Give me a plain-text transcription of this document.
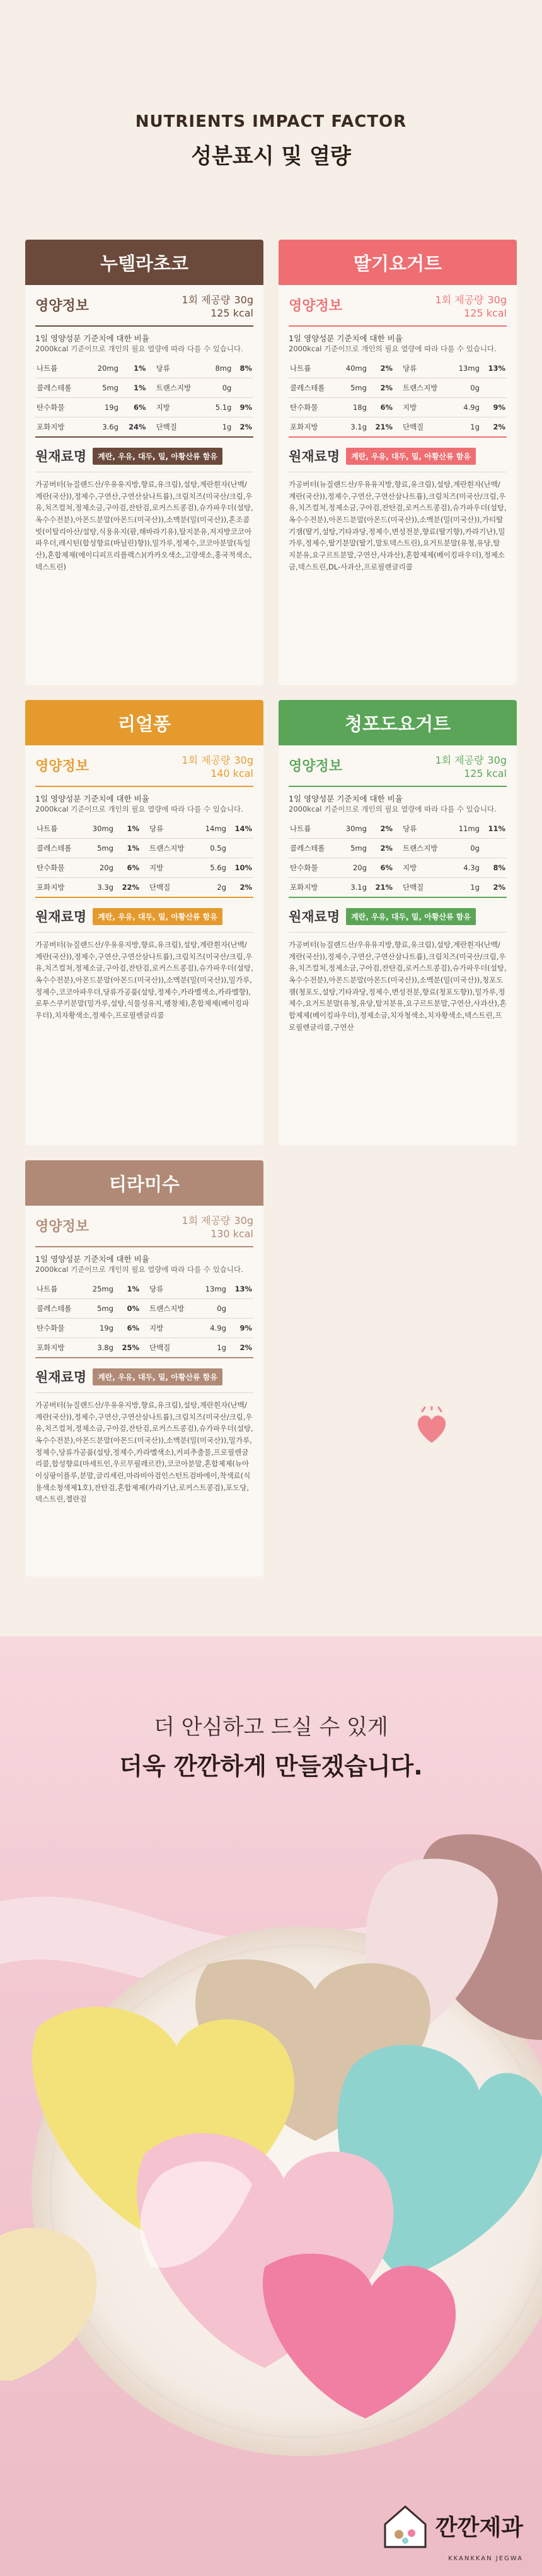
NUTRIENTS IMPACT FACTOR
성분표시 및 열량
누텔라초코
영양정보	1회 제공량 30g
125 kcal
1일 영양성분 기준치에 대한 비율
2000kcal 기준이므로 개인의 필요 열량에 따라 다를 수 있습니다.
나트륨	20mg	1%		당류	8mg	8%
콜레스테롤	5mg	1%		트랜스지방	0g	
탄수화물	19g	6%		지방	5.1g	9%
포화지방	3.6g	24%		단백질	1g	2%
원재료명	계란, 우유, 대두, 밀, 아황산류 함유
가공버터(뉴질랜드산/우유유지방,향료,유크림),설탕,계란흰자(난백/계란(국산)),정제수,구연산,구연산삼나트륨),크림치즈(미국산/크림,우유,치즈컬쳐,정제소금,구아검,잔탄검,로커스트콩검),슈가파우더(설탕,옥수수전분),아몬드분말(아몬드(미국산)),소맥분(밀(미국산)),혼조콤빗(이탈리아산/설탕,식용유지(팜,해바라기유),탈지분유,저지방코코아파우더,레시틴(합성향료(바닐린)향)),밀가루,정제수,코코아분말(독일산),혼합제제(에이디피프리플렉스)(카카오색소,고량색소,홍국적색소,덱스트린)
딸기요거트
영양정보	1회 제공량 30g
125 kcal
1일 영양성분 기준치에 대한 비율
2000kcal 기준이므로 개인의 필요 열량에 따라 다를 수 있습니다.
나트륨	40mg	2%		당류	13mg	13%
콜레스테롤	5mg	2%		트랜스지방	0g	
탄수화물	18g	6%		지방	4.9g	9%
포화지방	3.1g	21%		단백질	1g	2%
원재료명	계란, 우유, 대두, 밀, 아황산류 함유
가공버터(뉴질랜드산/우유유지방,향료,유크림),설탕,계란흰자(난백/계란(국산)),정제수,구연산,구연산삼나트륨),크림치즈(미국산/크림,우유,치즈컬쳐,정제소금,구아검,잔탄검,로커스트콩검),슈가파우더(설탕,옥수수전분),아몬드분말(아몬드(미국산)),소맥분(밀(미국산)),가티딸기잼(딸기,설탕,기타과당,정제수,변성전분,향료(딸기향),카라기난),밀가루,정제수,딸기분말(딸기,말토덱스트린),요거트분말(유청,유당,탈지분유,요구르트분말,구연산,사과산),혼합제제(베이킹파우더),정제소금,덱스트린,DL-사과산,프로필렌글리콜
리얼퐁
영양정보	1회 제공량 30g
140 kcal
1일 영양성분 기준치에 대한 비율
2000kcal 기준이므로 개인의 필요 열량에 따라 다를 수 있습니다.
나트륨	30mg	1%		당류	14mg	14%
콜레스테롤	5mg	1%		트랜스지방	0.5g	
탄수화물	20g	6%		지방	5.6g	10%
포화지방	3.3g	22%		단백질	2g	2%
원재료명	계란, 우유, 대두, 밀, 아황산류 함유
가공버터(뉴질랜드산/우유유지방,향료,유크림),설탕,계란흰자(난백/계란(국산)),정제수,구연산,구연산삼나트륨),크림치즈(미국산/크림,우유,치즈컬쳐,정제소금,구아검,잔탄검,로커스트콩검),슈가파우더(설탕,옥수수전분),아몬드분말(아몬드(미국산)),소맥분(밀(미국산)),밀가루,정제수,코코아파우더,당류가공품(설탕,정제수,카라멜색소,카라멜향),로투스쿠키분말(밀가루,설탕,식물성유지,팽창제),혼합제제(베이킹파우더),치자황색소,정제수,프로필렌글리콜
청포도요거트
영양정보	1회 제공량 30g
125 kcal
1일 영양성분 기준치에 대한 비율
2000kcal 기준이므로 개인의 필요 열량에 따라 다를 수 있습니다.
나트륨	30mg	2%		당류	11mg	11%
콜레스테롤	5mg	2%		트랜스지방	0g	
탄수화물	20g	6%		지방	4.3g	8%
포화지방	3.1g	21%		단백질	1g	2%
원재료명	계란, 우유, 대두, 밀, 아황산류 함유
가공버터(뉴질랜드산/우유유지방,향료,유크림),설탕,계란흰자(난백/계란(국산)),정제수,구연산,구연산삼나트륨),크림치즈(미국산/크림,우유,치즈컬쳐,정제소금,구아검,잔탄검,로커스트콩검),슈가파우더(설탕,옥수수전분),아몬드분말(아몬드(미국산)),소맥분(밀(미국산)),청포도잼(청포도,설탕,기타과당,정제수,변성전분,향료(청포도향)),밀가루,정제수,요거트분말(유청,유당,탈지분유,요구르트분말,구연산,사과산),혼합제제(베이킹파우더),정제소금,치자청색소,치자황색소,덱스트린,프로필렌글리콜,구연산
티라미수
영양정보	1회 제공량 30g
130 kcal
1일 영양성분 기준치에 대한 비율
2000kcal 기준이므로 개인의 필요 열량에 따라 다를 수 있습니다.
나트륨	25mg	1%		당류	13mg	13%
콜레스테롤	5mg	0%		트랜스지방	0g	
탄수화물	19g	6%		지방	4.9g	9%
포화지방	3.8g	25%		단백질	1g	2%
원재료명	계란, 우유, 대두, 밀, 아황산류 함유
가공버터(뉴질랜드산/우유유지방,향료,유크림),설탕,계란흰자(난백/계란(국산)),정제수,구연산,구연산삼나트륨),크림치즈(미국산/크림,우유,치즈컬쳐,정제소금,구아검,잔탄검,로커스트콩검),슈가파우더(설탕,옥수수전분),아몬드분말(아몬드(미국산)),소맥분(밀(미국산)),밀가루,정제수,당류가공품(설탕,정제수,카라멜색소),커피추출물,프로필렌글리콜,합성향료(마세트인,우르무필레르칸),코코아분말,혼합제제(뉴아이싱팡이플루,분말,글리세린,마라비아검인스턴트검바에이,착색료(식용색소청색제1호),잔탄검,혼합제제(카라기난,로커스트콩검),포도당,덱스트린,젤란검
더 안심하고 드실 수 있게
더욱 깐깐하게 만들겠습니다.
깐깐제과
KKANKKAN JEGWA
